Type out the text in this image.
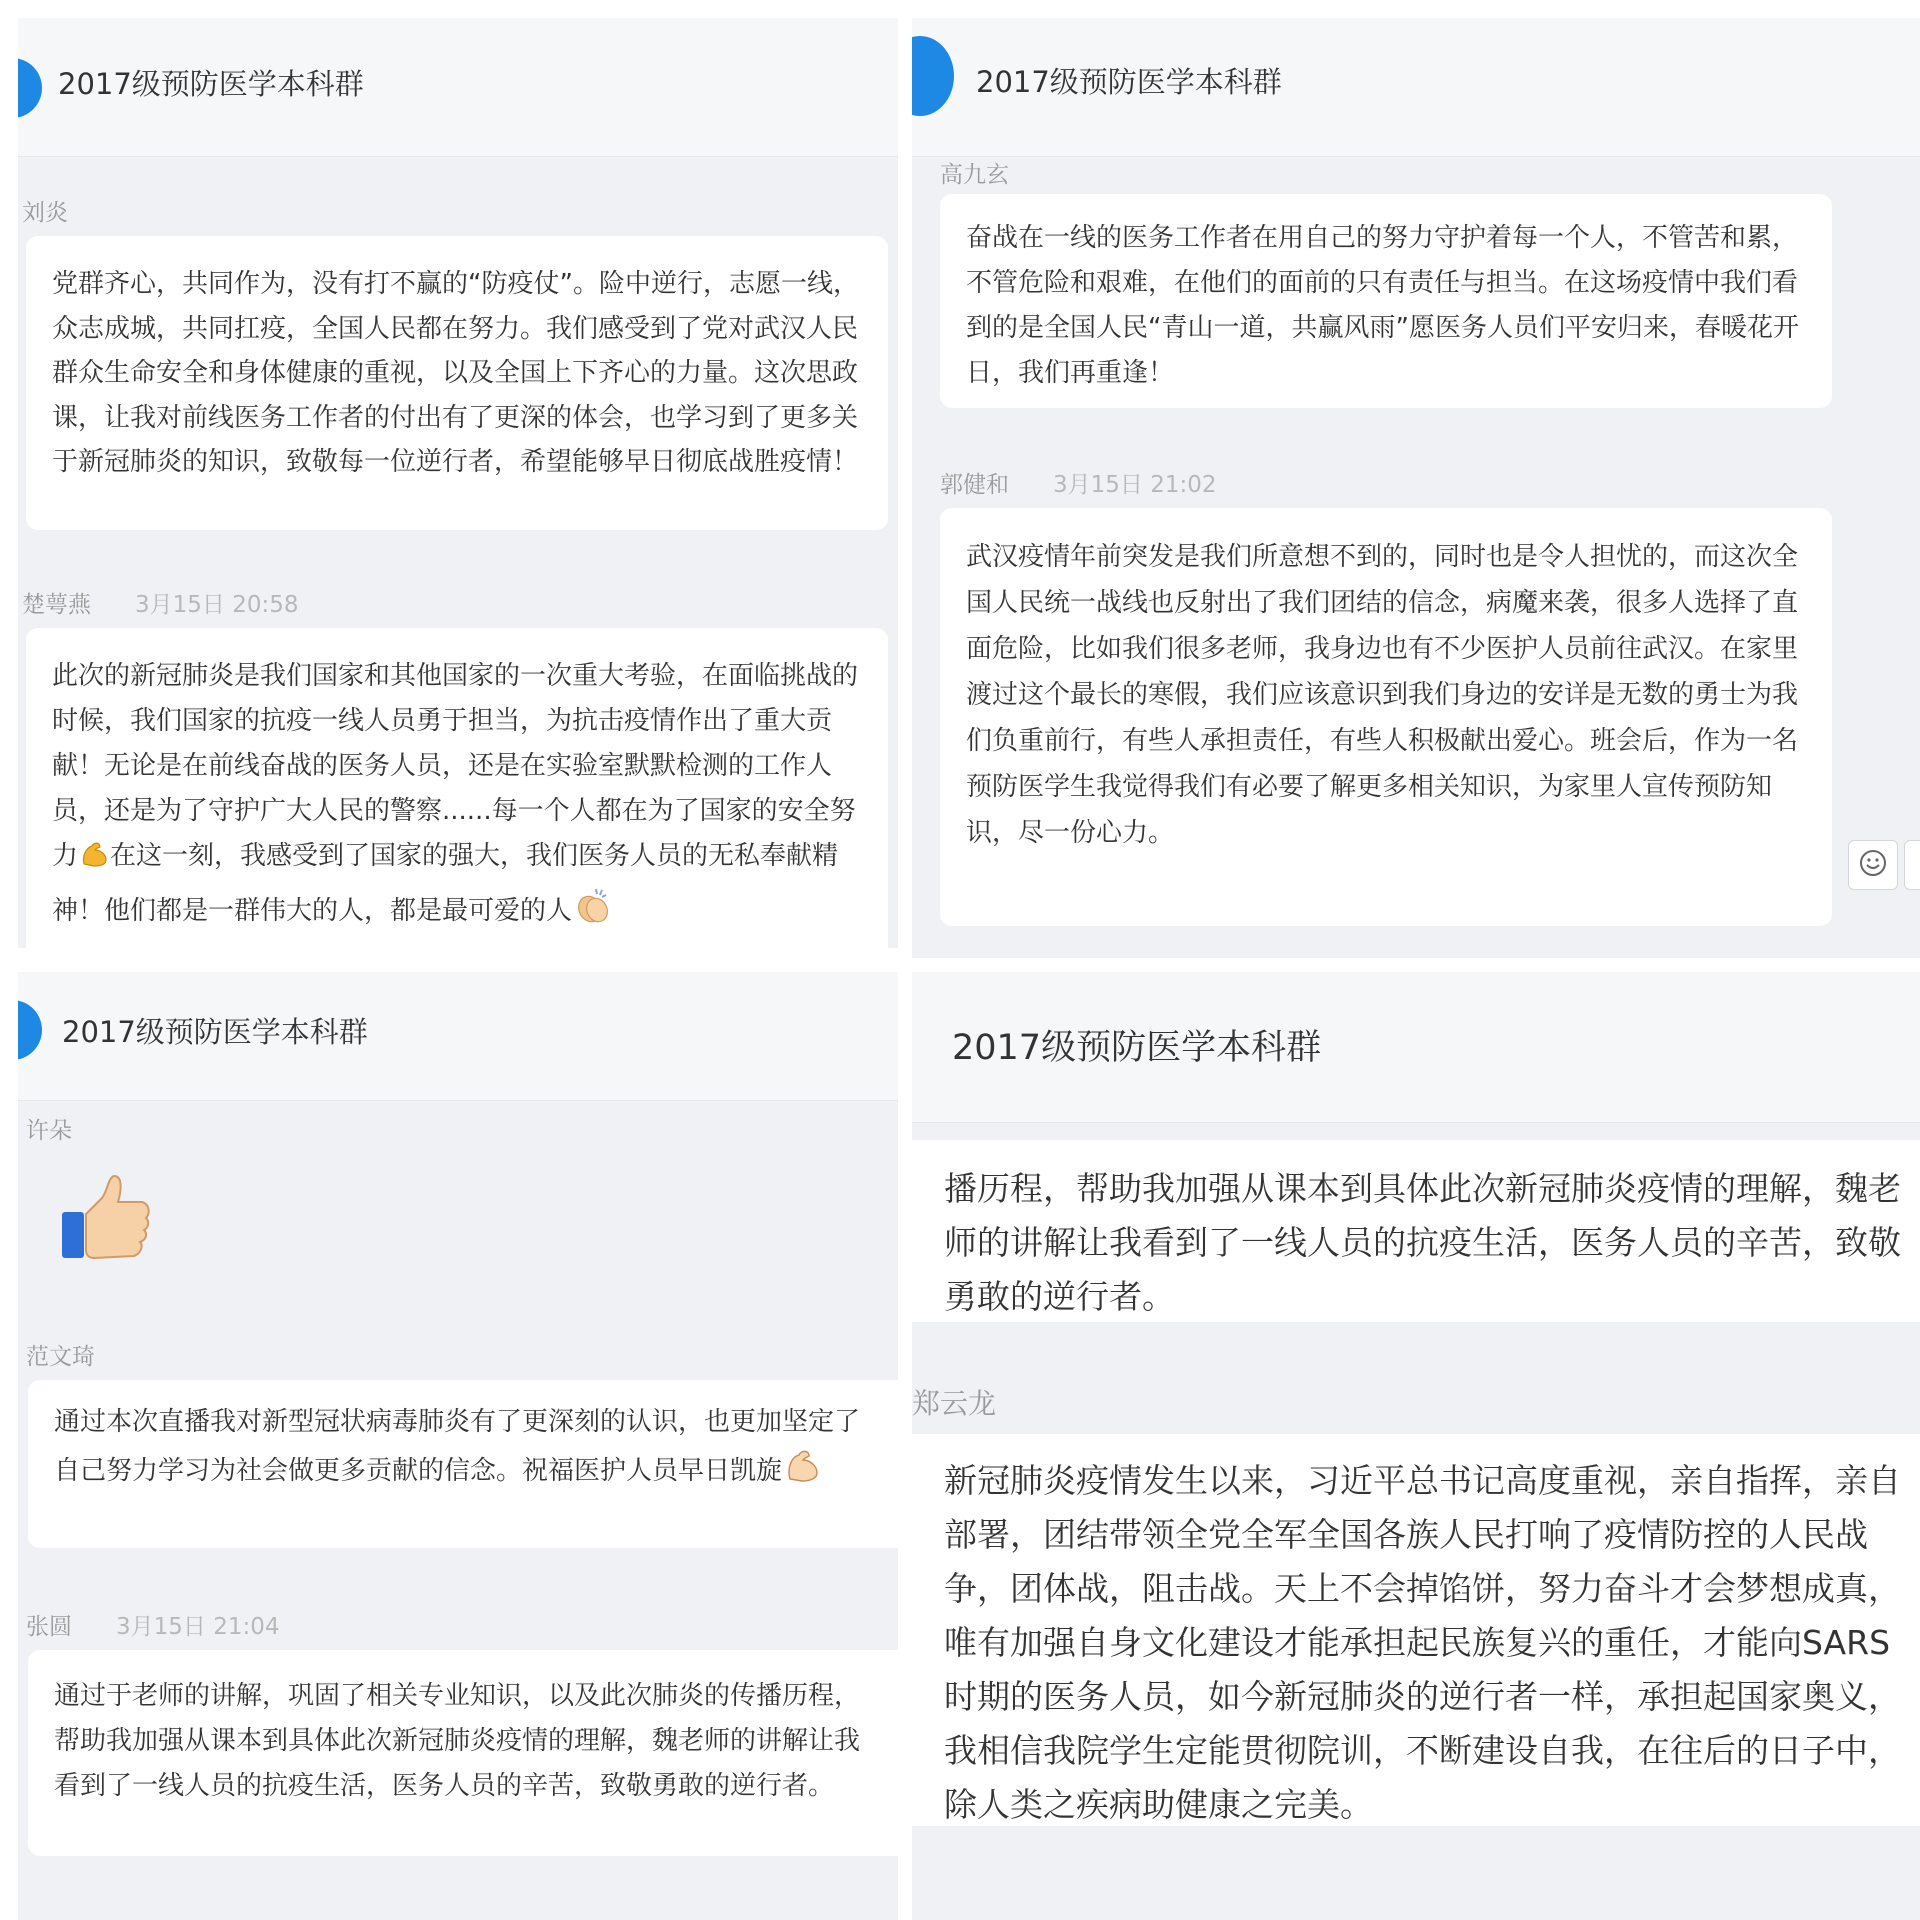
2017级预防医学本科群
刘炎

党群齐心，共同作为，没有打不赢的“防疫仗”。险中逆行，志愿一线，众志成城，共同扛疫，全国人民都在努力。我们感受到了党对武汉人民群众生命安全和身体健康的重视，以及全国上下齐心的力量。这次思政课，让我对前线医务工作者的付出有了更深的体会，也学习到了更多关于新冠肺炎的知识，致敬每一位逆行者，希望能够早日彻底战胜疫情！

楚萼燕 3月15日 20:58

此次的新冠肺炎是我们国家和其他国家的一次重大考验，在面临挑战的时候，我们国家的抗疫一线人员勇于担当，为抗击疫情作出了重大贡献！无论是在前线奋战的医务人员，还是在实验室默默检测的工作人员，还是为了守护广大人民的警察......每一个人都在为了国家的安全努力 在这一刻，我感受到了国家的强大，我们医务人员的无私奉献精神！他们都是一群伟大的人，都是最可爱的人

2017级预防医学本科群
高九玄

奋战在一线的医务工作者在用自己的努力守护着每一个人，不管苦和累，不管危险和艰难，在他们的面前的只有责任与担当。在这场疫情中我们看到的是全国人民“青山一道，共赢风雨”愿医务人员们平安归来，春暖花开日，我们再重逢！

郭健和 3月15日 21:02

武汉疫情年前突发是我们所意想不到的，同时也是令人担忧的，而这次全国人民统一战线也反射出了我们团结的信念，病魔来袭，很多人选择了直面危险，比如我们很多老师，我身边也有不少医护人员前往武汉。在家里渡过这个最长的寒假，我们应该意识到我们身边的安详是无数的勇士为我们负重前行，有些人承担责任，有些人积极献出爱心。班会后，作为一名预防医学生我觉得我们有必要了解更多相关知识，为家里人宣传预防知识，尽一份心力。

2017级预防医学本科群
许朵
范文琦

通过本次直播我对新型冠状病毒肺炎有了更深刻的认识，也更加坚定了自己努力学习为社会做更多贡献的信念。祝福医护人员早日凯旋

张圆 3月15日 21:04

通过于老师的讲解，巩固了相关专业知识，以及此次肺炎的传播历程，帮助我加强从课本到具体此次新冠肺炎疫情的理解，魏老师的讲解让我看到了一线人员的抗疫生活，医务人员的辛苦，致敬勇敢的逆行者。

2017级预防医学本科群

播历程，帮助我加强从课本到具体此次新冠肺炎疫情的理解，魏老师的讲解让我看到了一线人员的抗疫生活，医务人员的辛苦，致敬勇敢的逆行者。

郑云龙

新冠肺炎疫情发生以来，习近平总书记高度重视，亲自指挥，亲自部署，团结带领全党全军全国各族人民打响了疫情防控的人民战争，团体战，阻击战。天上不会掉馅饼，努力奋斗才会梦想成真，唯有加强自身文化建设才能承担起民族复兴的重任，才能向SARS时期的医务人员，如今新冠肺炎的逆行者一样，承担起国家奥义，我相信我院学生定能贯彻院训，不断建设自我，在往后的日子中，除人类之疾病助健康之完美。
